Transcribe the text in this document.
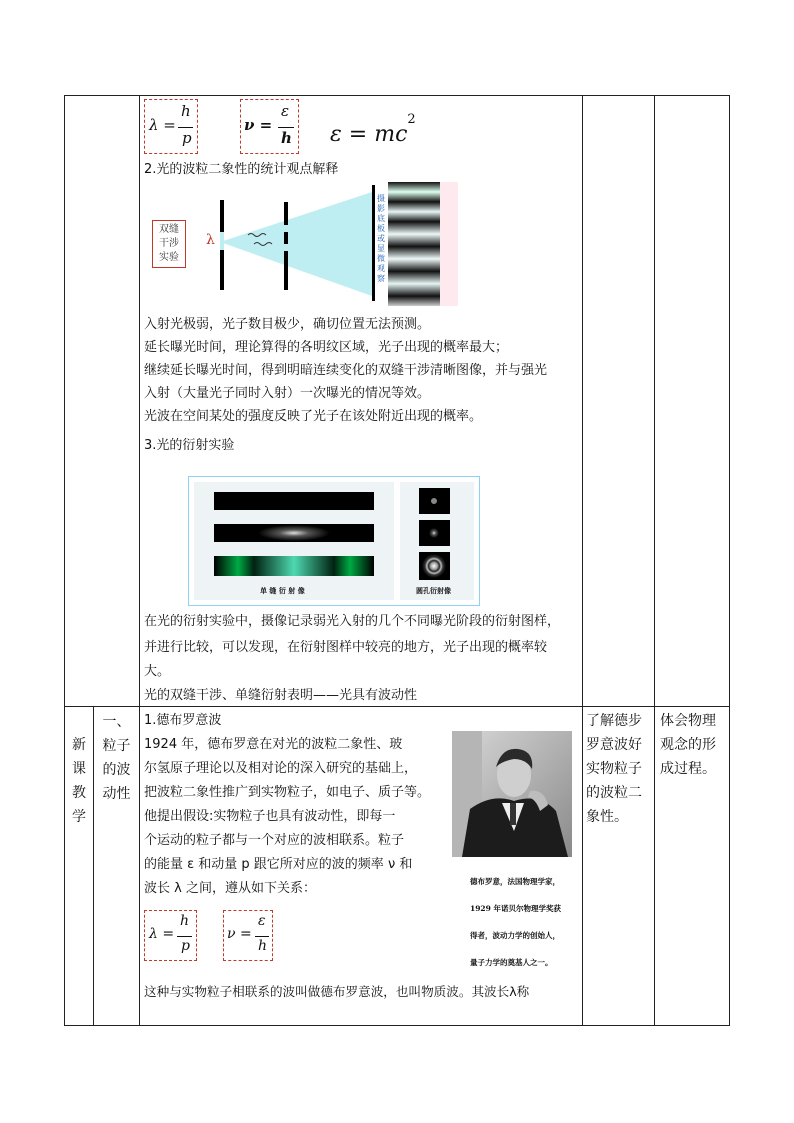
λ =
h
p
ν =
ε
h $\varepsilon = mc^2$
2.光的波粒二象性的统计观点解释
双缝
干涉
实验
λ
摄影底板或显微观察
入射光极弱，光子数目极少，确切位置无法预测。
延长曝光时间，理论算得的各明纹区域，光子出现的概率最大；
继续延长曝光时间，得到明暗连续变化的双缝干涉清晰图像，并与强光
入射（大量光子同时入射）一次曝光的情况等效。
光波在空间某处的强度反映了光子在该处附近出现的概率。
3.光的衍射实验
单 缝 衍 射 像	圆孔衍射像
在光的衍射实验中，摄像记录弱光入射的几个不同曝光阶段的衍射图样，
并进行比较，可以发现，在衍射图样中较亮的地方，光子出现的概率较
大。
光的双缝干涉、单缝衍射表明——光具有波动性
新
课
教
学
一、
粒子
的波
动性
1.德布罗意波
1924 年，德布罗意在对光的波粒二象性、玻
尔氢原子理论以及相对论的深入研究的基础上，
把波粒二象性推广到实物粒子，如电子、质子等。
他提出假设:实物粒子也具有波动性，即每一
个运动的粒子都与一个对应的波相联系。粒子
的能量 ε 和动量 p 跟它所对应的波的频率 ν 和
波长 λ 之间，遵从如下关系：	德布罗意，法国物理学家，
1929 年诺贝尔物理学奖获
得者，波动力学的创始人，
量子力学的奠基人之一。
λ =
h
p
ν =
ε
h
这种与实物粒子相联系的波叫做德布罗意波，也叫物质波。其波长λ称
了解德步
罗意波好
实物粒子
的波粒二
象性。
体会物理
观念的形
成过程。
